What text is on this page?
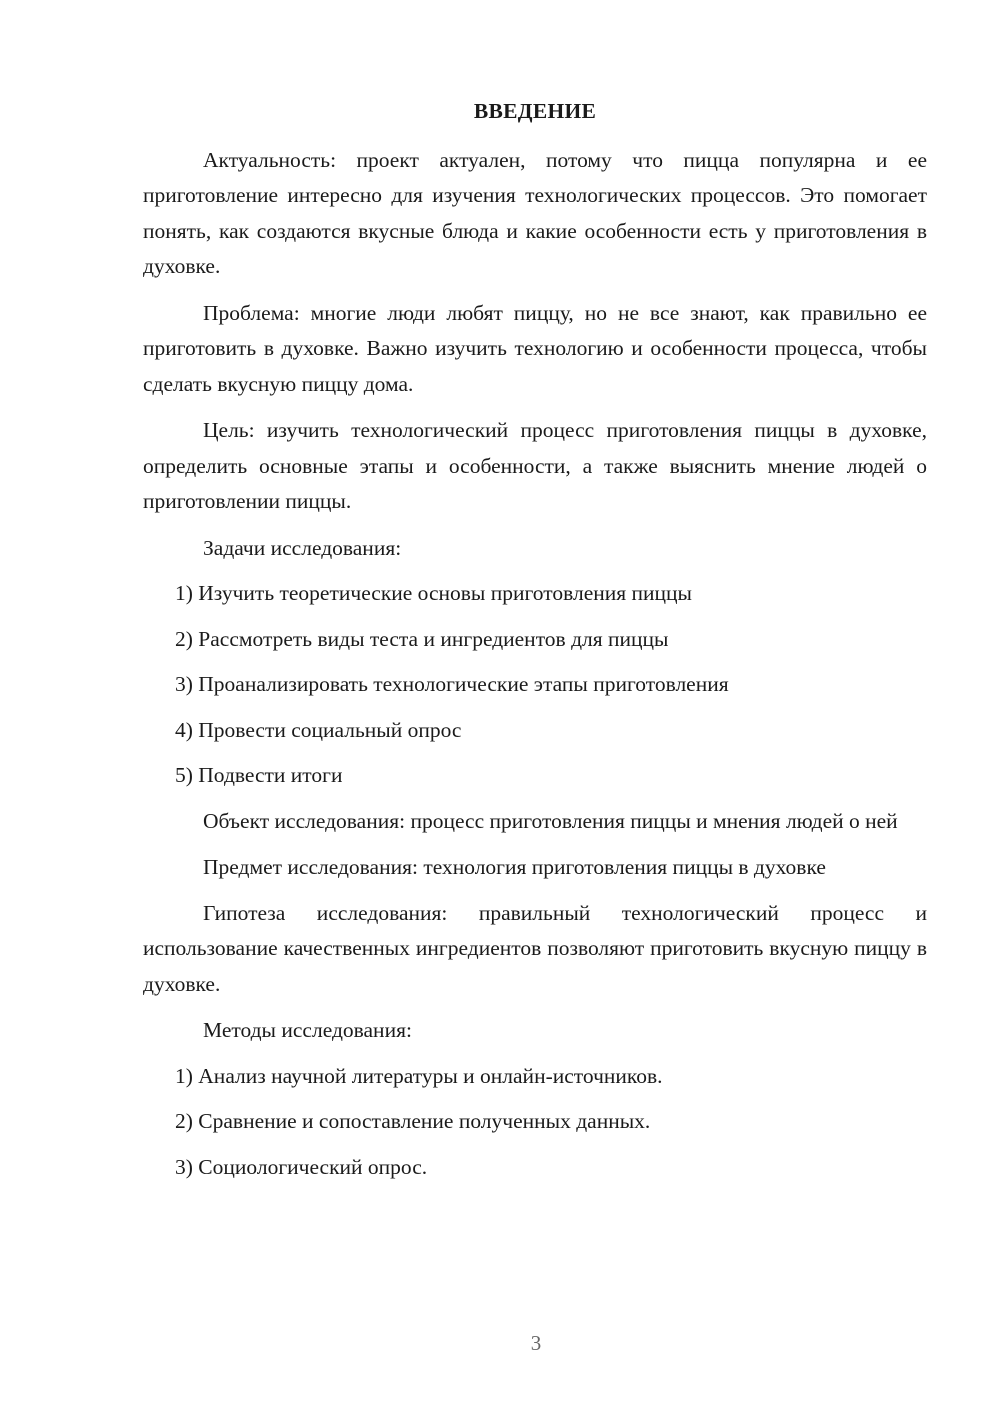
ВВЕДЕНИЕ

Актуальность: проект актуален, потому что пицца популярна и ее приготовление интересно для изучения технологических процессов. Это помогает понять, как создаются вкусные блюда и какие особенности есть у приготовления в духовке.

Проблема: многие люди любят пиццу, но не все знают, как правильно ее приготовить в духовке. Важно изучить технологию и особенности процесса, чтобы сделать вкусную пиццу дома.

Цель: изучить технологический процесс приготовления пиццы в духовке, определить основные этапы и особенности, а также выяснить мнение людей о приготовлении пиццы.

Задачи исследования:

1) Изучить теоретические основы приготовления пиццы
2) Рассмотреть виды теста и ингредиентов для пиццы
3) Проанализировать технологические этапы приготовления
4) Провести социальный опрос
5) Подвести итоги

Объект исследования: процесс приготовления пиццы и мнения людей о ней

Предмет исследования: технология приготовления пиццы в духовке

Гипотеза исследования: правильный технологический процесс и использование качественных ингредиентов позволяют приготовить вкусную пиццу в духовке.

Методы исследования:

1) Анализ научной литературы и онлайн-источников.
2) Сравнение и сопоставление полученных данных.
3) Социологический опрос.
3
